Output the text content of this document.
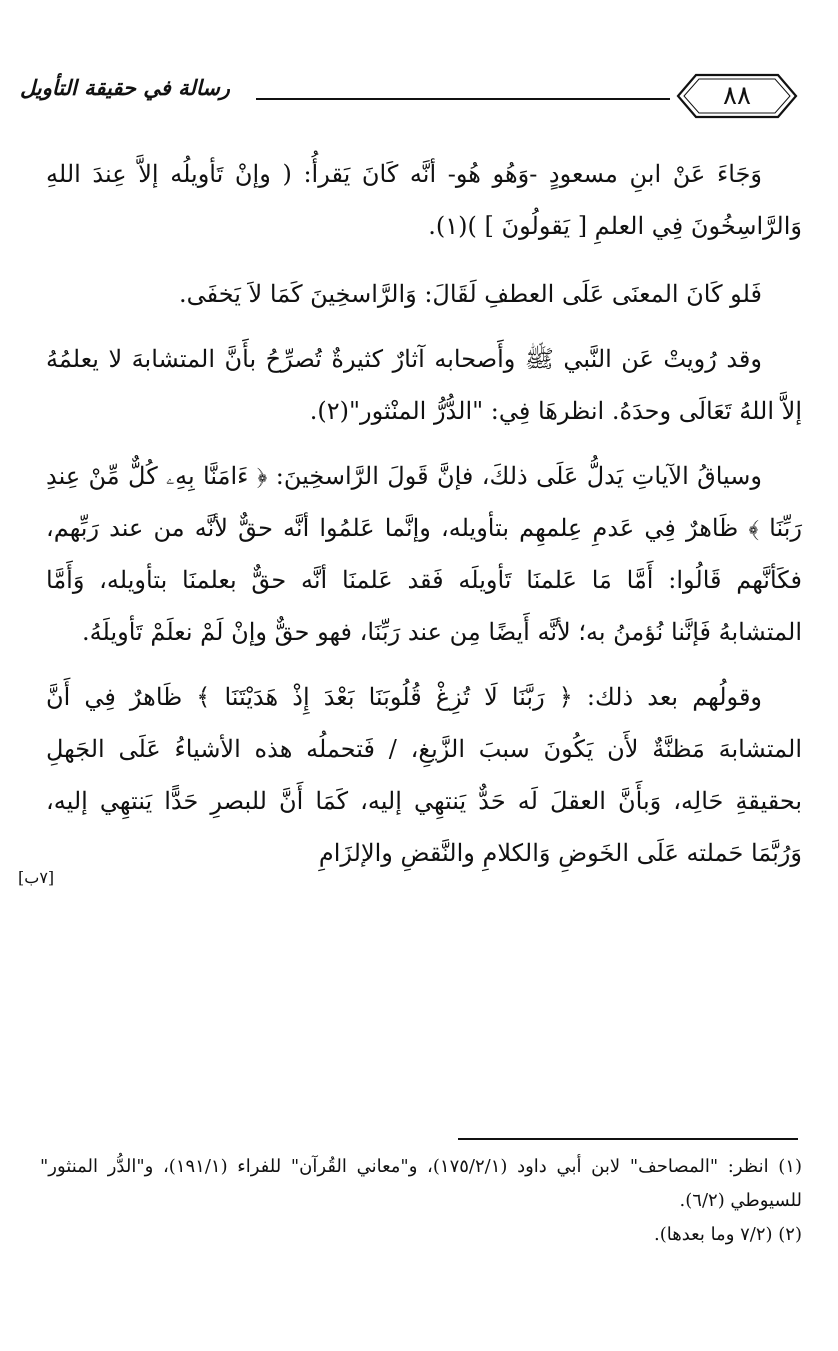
٨٨
رسالة في حقيقة التأويل

وَجَاءَ عَنْ ابنِ مسعودٍ -وَهُو هُو- أنَّه كَانَ يَقرأُ: ( وإنْ تَأويلُه إلاَّ عِندَ اللهِ وَالرَّاسِخُونَ فِي العلمِ [ يَقولُونَ ] )(١).

فَلو كَانَ المعنَى عَلَى العطفِ لَقَالَ: وَالرَّاسخِينَ كَمَا لاَ يَخفَى.

وقد رُويتْ عَن النَّبي ﷺ وأَصحابه آثارٌ كثيرةٌ تُصرِّحُ بأَنَّ المتشابهَ لا يعلمُهُ إلاَّ اللهُ تَعَالَى وحدَهُ. انظرهَا فِي: "الدُّرُّ المنْثور"(٢).

وسياقُ الآياتِ يَدلُّ عَلَى ذلكَ، فإنَّ قَولَ الرَّاسخِينَ: ﴿ ءَامَنَّا بِهِۦ كُلٌّ مِّنْ عِندِ رَبِّنَا ﴾ ظَاهرٌ فِي عَدمِ عِلمهِم بتأويله، وإنَّما عَلمُوا أنَّه حقٌّ لأنَّه من عند رَبِّهم، فكَأنَّهم قَالُوا: أَمَّا مَا عَلمنَا تَأويلَه فَقد عَلمنَا أنَّه حقٌّ بعلمنَا بتأويله، وَأَمَّا المتشابهُ فَإنَّنا نُؤمنُ به؛ لأنَّه أَيضًا مِن عند رَبِّنَا، فهو حقٌّ وإنْ لَمْ نعلَمْ تَأويلَهُ.

وقولُهم بعد ذلك: ﴿ رَبَّنَا لَا تُزِغْ قُلُوبَنَا بَعْدَ إِذْ هَدَيْتَنَا ﴾ ظَاهرٌ فِي أَنَّ المتشابهَ مَظنَّةٌ لأَن يَكُونَ سببَ الزَّيغِ، / فَتحملُه هذه الأشياءُ عَلَى الجَهلِ بحقيقةِ حَالِه، وَبأَنَّ العقلَ لَه حَدٌّ يَنتهِي إليه، كَمَا أَنَّ للبصرِ حَدًّا يَنتهِي إليه، وَرُبَّمَا حَملته عَلَى الخَوضِ وَالكلامِ والنَّقضِ والإلزَامِ

[٧ب]
(١) انظر: "المصاحف" لابن أبي داود (١٧٥/٢/١)، و"معاني القُرآن" للفراء (١٩١/١)، و"الدُّر المنثور" للسيوطي (٦/٢).
(٢) (٧/٢ وما بعدها).
